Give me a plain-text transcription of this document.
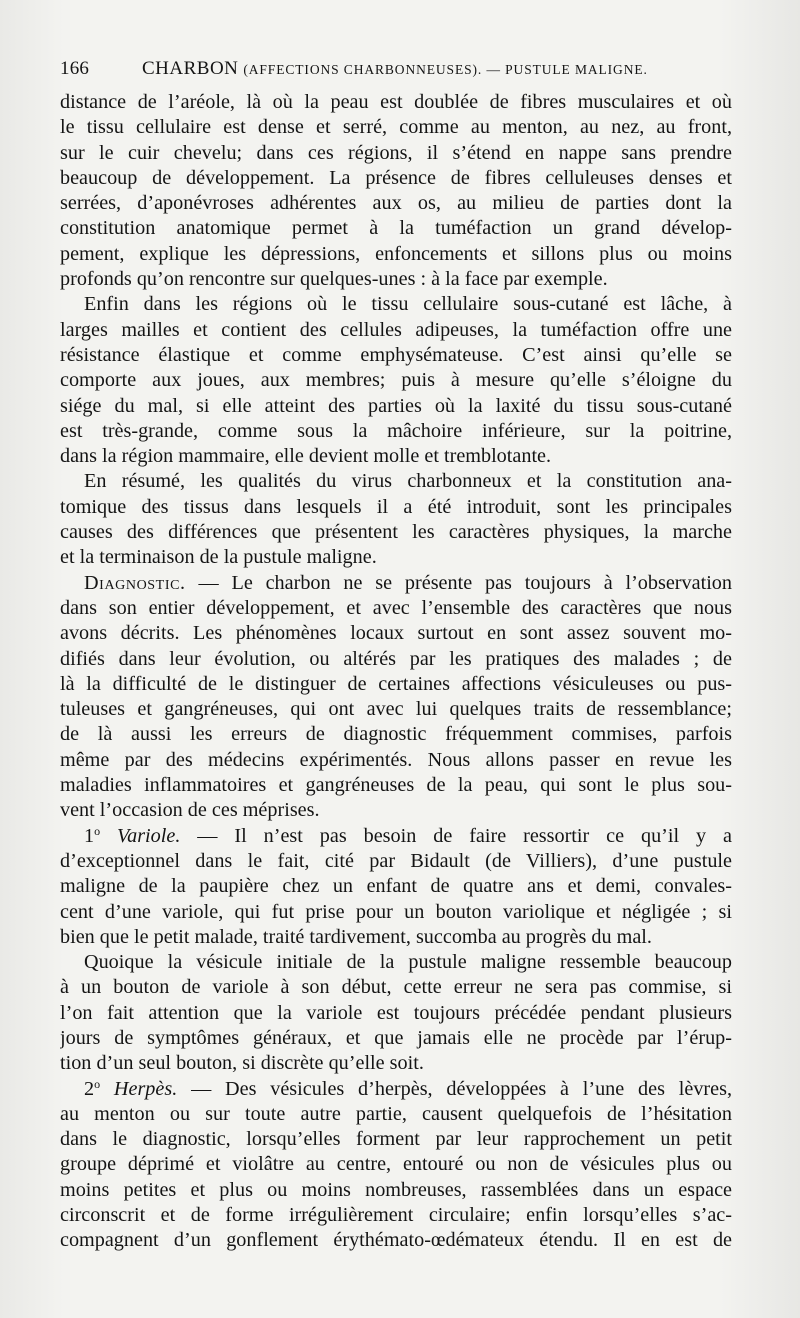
166	CHARBON (AFFECTIONS CHARBONNEUSES). — PUSTULE MALIGNE.
distance de l’aréole, là où la peau est doublée de fibres musculaires et où
le tissu cellulaire est dense et serré, comme au menton, au nez, au front,
sur le cuir chevelu; dans ces régions, il s’étend en nappe sans prendre
beaucoup de développement. La présence de fibres celluleuses denses et
serrées, d’aponévroses adhérentes aux os, au milieu de parties dont la
constitution anatomique permet à la tuméfaction un grand dévelop-
pement, explique les dépressions, enfoncements et sillons plus ou moins
profonds qu’on rencontre sur quelques-unes : à la face par exemple.
Enfin dans les régions où le tissu cellulaire sous-cutané est lâche, à
larges mailles et contient des cellules adipeuses, la tuméfaction offre une
résistance élastique et comme emphysémateuse. C’est ainsi qu’elle se
comporte aux joues, aux membres; puis à mesure qu’elle s’éloigne du
siége du mal, si elle atteint des parties où la laxité du tissu sous-cutané
est très-grande, comme sous la mâchoire inférieure, sur la poitrine,
dans la région mammaire, elle devient molle et tremblotante.
En résumé, les qualités du virus charbonneux et la constitution ana-
tomique des tissus dans lesquels il a été introduit, sont les principales
causes des différences que présentent les caractères physiques, la marche
et la terminaison de la pustule maligne.
Diagnostic. — Le charbon ne se présente pas toujours à l’observation
dans son entier développement, et avec l’ensemble des caractères que nous
avons décrits. Les phénomènes locaux surtout en sont assez souvent mo-
difiés dans leur évolution, ou altérés par les pratiques des malades ; de
là la difficulté de le distinguer de certaines affections vésiculeuses ou pus-
tuleuses et gangréneuses, qui ont avec lui quelques traits de ressemblance;
de là aussi les erreurs de diagnostic fréquemment commises, parfois
même par des médecins expérimentés. Nous allons passer en revue les
maladies inflammatoires et gangréneuses de la peau, qui sont le plus sou-
vent l’occasion de ces méprises.
1$^o$ Variole. — Il n’est pas besoin de faire ressortir ce qu’il y a
d’exceptionnel dans le fait, cité par Bidault (de Villiers), d’une pustule
maligne de la paupière chez un enfant de quatre ans et demi, convales-
cent d’une variole, qui fut prise pour un bouton variolique et négligée ; si
bien que le petit malade, traité tardivement, succomba au progrès du mal.
Quoique la vésicule initiale de la pustule maligne ressemble beaucoup
à un bouton de variole à son début, cette erreur ne sera pas commise, si
l’on fait attention que la variole est toujours précédée pendant plusieurs
jours de symptômes généraux, et que jamais elle ne procède par l’érup-
tion d’un seul bouton, si discrète qu’elle soit.
2$^o$ Herpès. — Des vésicules d’herpès, développées à l’une des lèvres,
au menton ou sur toute autre partie, causent quelquefois de l’hésitation
dans le diagnostic, lorsqu’elles forment par leur rapprochement un petit
groupe déprimé et violâtre au centre, entouré ou non de vésicules plus ou
moins petites et plus ou moins nombreuses, rassemblées dans un espace
circonscrit et de forme irrégulièrement circulaire; enfin lorsqu’elles s’ac-
compagnent d’un gonflement érythémato-œdémateux étendu. Il en est de
